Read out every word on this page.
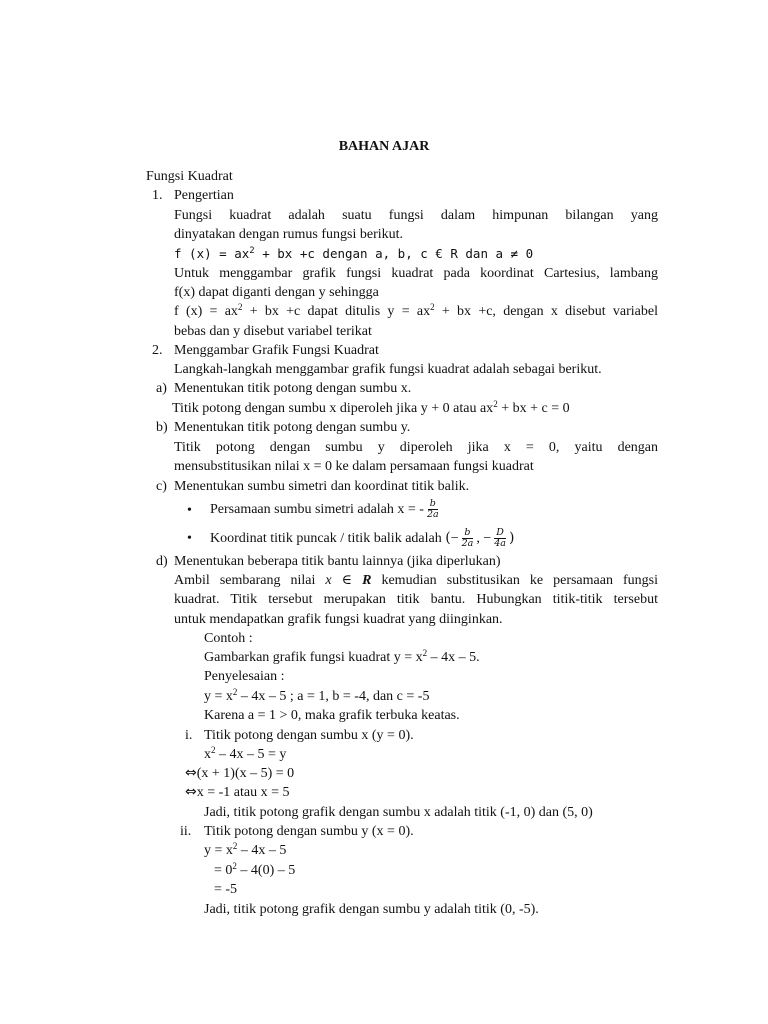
BAHAN AJAR
Fungsi Kuadrat
1. Pengertian
Fungsi kuadrat adalah suatu fungsi dalam himpunan bilangan yang
dinyatakan dengan rumus fungsi berikut.
f $(x) = ax^2$ + bx +c dengan a, b, c € R dan a ≠ 0
Untuk menggambar grafik fungsi kuadrat pada koordinat Cartesius, lambang
f(x) dapat diganti dengan y sehingga
f $(x) = ax^2$ + bx +c dapat ditulis $y = ax^2$ + bx +c, dengan x disebut variabel
bebas dan y disebut variabel terikat
2. Menggambar Grafik Fungsi Kuadrat
Langkah-langkah menggambar grafik fungsi kuadrat adalah sebagai berikut.
a) Menentukan titik potong dengan sumbu x.
Titik potong dengan sumbu x diperoleh jika y + 0 atau $ax^2$ + bx + c = 0
b) Menentukan titik potong dengan sumbu y.
Titik potong dengan sumbu y diperoleh jika x = 0, yaitu dengan
mensubstitusikan nilai x = 0 ke dalam persamaan fungsi kuadrat
c) Menentukan sumbu simetri dan koordinat titik balik.
• Persamaan sumbu simetri adalah x = - $\frac{b}{2a}$
• Koordinat titik puncak / titik balik adalah (− $\frac{b}{2a}$ , − $\frac{D}{4a}$ )
d) Menentukan beberapa titik bantu lainnya (jika diperlukan)
Ambil sembarang nilai x ∈ R kemudian substitusikan ke persamaan fungsi
kuadrat. Titik tersebut merupakan titik bantu. Hubungkan titik-titik tersebut
untuk mendapatkan grafik fungsi kuadrat yang diinginkan.
Contoh :
Gambarkan grafik fungsi kuadrat $y = x^2 - 4x - 5$.
Penyelesaian :
$y = x^2 - 4x - 5$ ; a = 1, b = -4, dan c = -5
Karena a = 1 > 0, maka grafik terbuka keatas.
i. Titik potong dengan sumbu x (y = 0).
$x^2 - 4x - 5 = y$
⇔(x + 1)(x – 5) = 0
⇔x = -1 atau x = 5
Jadi, titik potong grafik dengan sumbu x adalah titik (-1, 0) dan (5, 0)
ii. Titik potong dengan sumbu y (x = 0).
$y = x^2 - 4x - 5$
= $0^2 - 4(0) - 5$
= -5
Jadi, titik potong grafik dengan sumbu y adalah titik (0, -5).
